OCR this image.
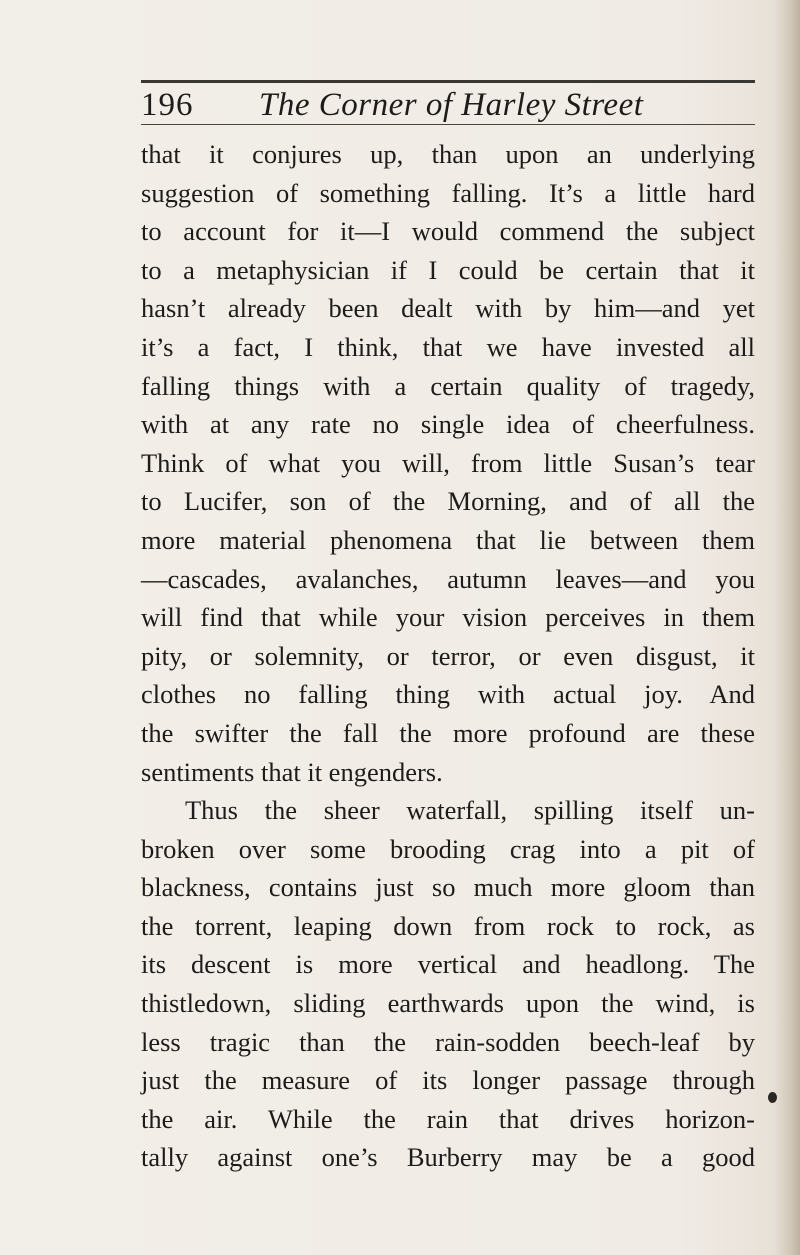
196	The Corner of Harley Street
that it conjures up, than upon an underlying
suggestion of something falling. It’s a little hard
to account for it—I would commend the subject
to a metaphysician if I could be certain that it
hasn’t already been dealt with by him—and yet
it’s a fact, I think, that we have invested all
falling things with a certain quality of tragedy,
with at any rate no single idea of cheerfulness.
Think of what you will, from little Susan’s tear
to Lucifer, son of the Morning, and of all the
more material phenomena that lie between them
—cascades, avalanches, autumn leaves—and you
will find that while your vision perceives in them
pity, or solemnity, or terror, or even disgust, it
clothes no falling thing with actual joy. And
the swifter the fall the more profound are these
sentiments that it engenders.
Thus the sheer waterfall, spilling itself un-
broken over some brooding crag into a pit of
blackness, contains just so much more gloom than
the torrent, leaping down from rock to rock, as
its descent is more vertical and headlong. The
thistledown, sliding earthwards upon the wind, is
less tragic than the rain-sodden beech-leaf by
just the measure of its longer passage through
the air. While the rain that drives horizon-
tally against one’s Burberry may be a good
